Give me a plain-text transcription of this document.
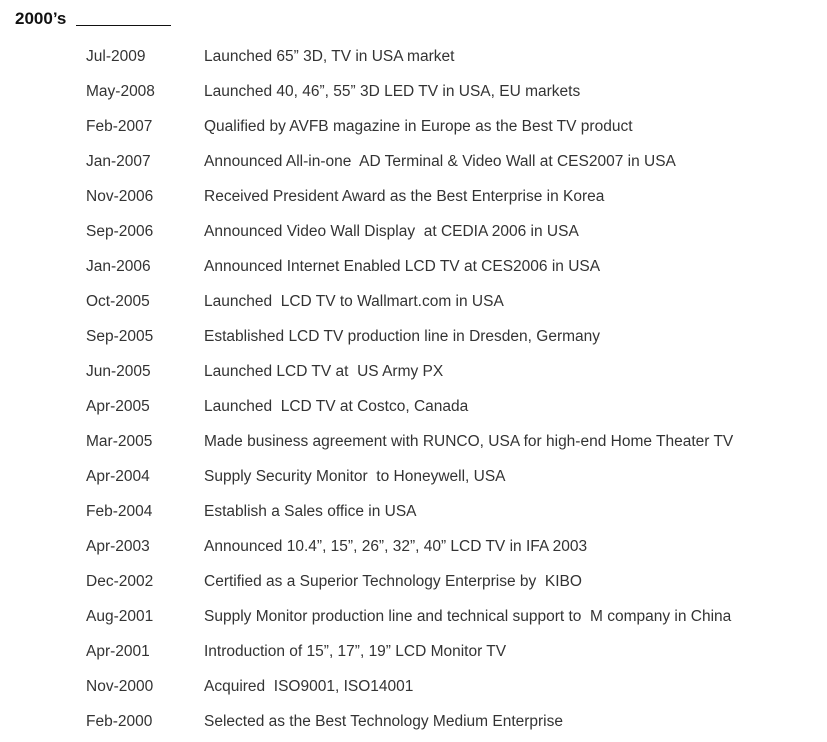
2000’s
Jul-2009	Launched 65” 3D, TV in USA market
May-2008	Launched 40, 46”, 55” 3D LED TV in USA, EU markets
Feb-2007	Qualified by AVFB magazine in Europe as the Best TV product
Jan-2007	Announced All-in-one  AD Terminal & Video Wall at CES2007 in USA
Nov-2006	Received President Award as the Best Enterprise in Korea
Sep-2006	Announced Video Wall Display  at CEDIA 2006 in USA
Jan-2006	Announced Internet Enabled LCD TV at CES2006 in USA
Oct-2005	Launched  LCD TV to Wallmart.com in USA
Sep-2005	Established LCD TV production line in Dresden, Germany
Jun-2005	Launched LCD TV at  US Army PX
Apr-2005	Launched  LCD TV at Costco, Canada
Mar-2005	Made business agreement with RUNCO, USA for high-end Home Theater TV
Apr-2004	Supply Security Monitor  to Honeywell, USA
Feb-2004	Establish a Sales office in USA
Apr-2003	Announced 10.4”, 15”, 26”, 32”, 40” LCD TV in IFA 2003
Dec-2002	Certified as a Superior Technology Enterprise by  KIBO
Aug-2001	Supply Monitor production line and technical support to  M company in China
Apr-2001	Introduction of 15”, 17”, 19” LCD Monitor TV
Nov-2000	Acquired  ISO9001, ISO14001
Feb-2000	Selected as the Best Technology Medium Enterprise
